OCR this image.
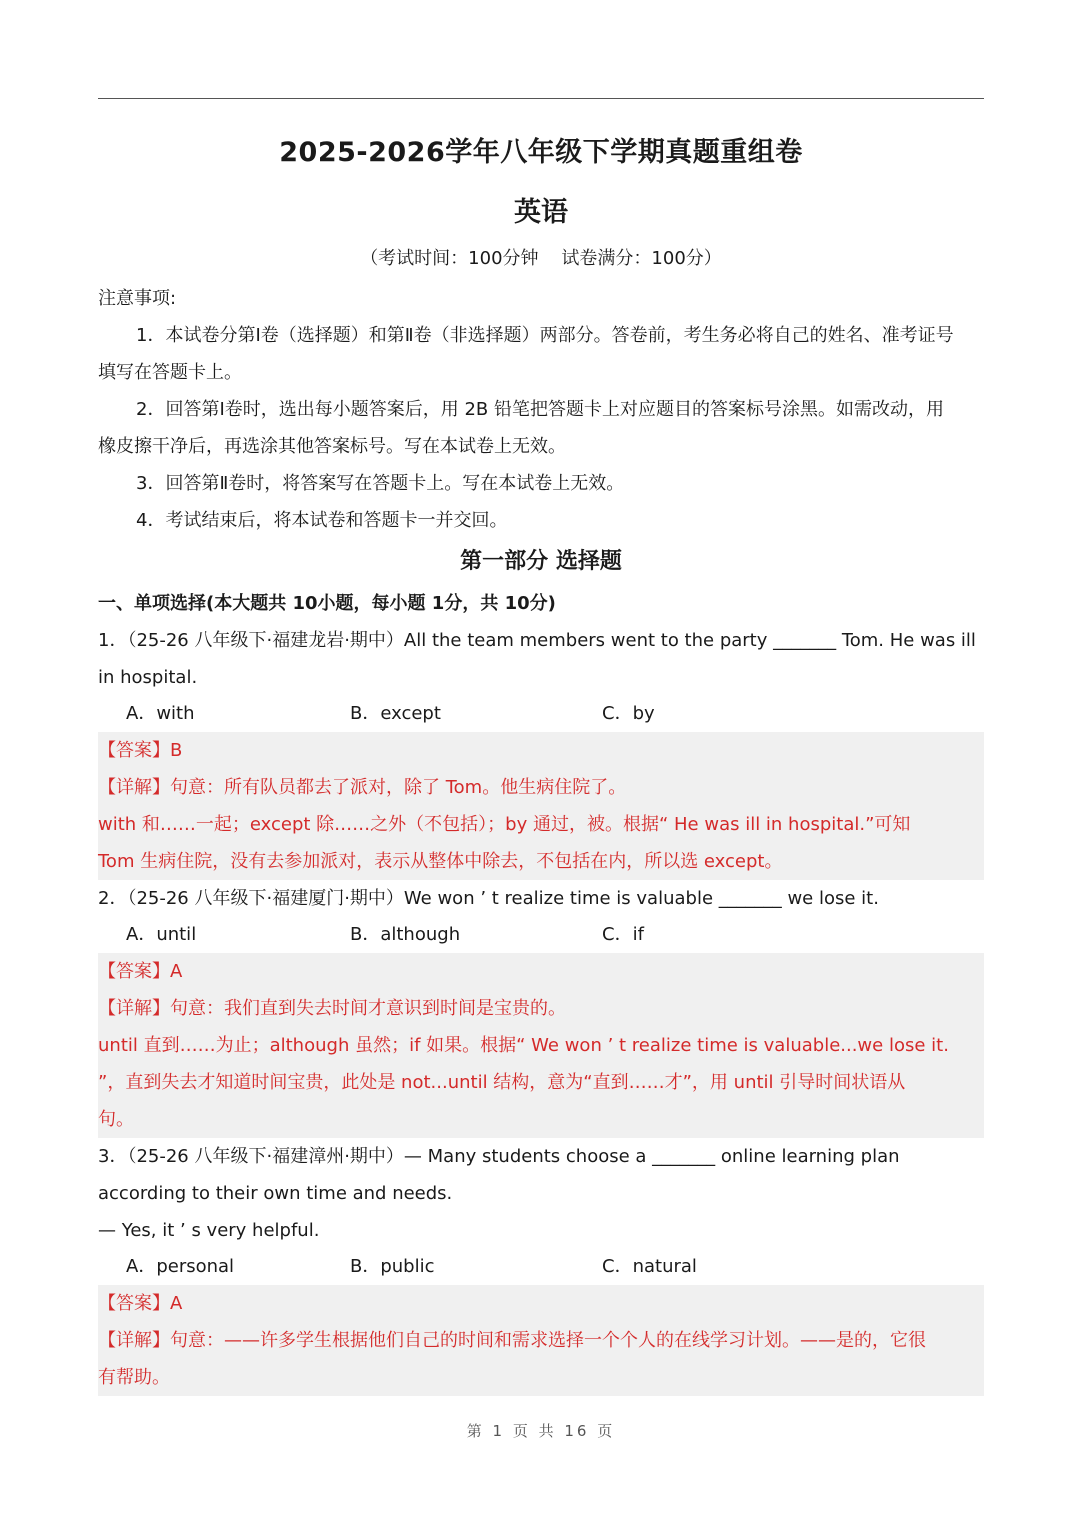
2025-2026学年八年级下学期真题重组卷
英语
（考试时间：100分钟    试卷满分：100分）

注意事项:

1．本试卷分第Ⅰ卷（选择题）和第Ⅱ卷（非选择题）两部分。答卷前，考生务必将自己的姓名、准考证号

填写在答题卡上。

2．回答第Ⅰ卷时，选出每小题答案后，用 2B 铅笔把答题卡上对应题目的答案标号涂黑。如需改动，用

橡皮擦干净后，再选涂其他答案标号。写在本试卷上无效。

3．回答第Ⅱ卷时，将答案写在答题卡上。写在本试卷上无效。

4．考试结束后，将本试卷和答题卡一并交回。

第一部分 选择题

一、单项选择(本大题共 10小题，每小题 1分，共 10分)

1．（25-26 八年级下·福建龙岩·期中）All the team members went to the party _______ Tom. He was ill

in hospital.

A．with	B．except	C．by

【答案】B

【详解】句意：所有队员都去了派对，除了 Tom。他生病住院了。

with 和……一起；except 除……之外（不包括）；by 通过，被。根据“ He was ill in hospital.”可知

Tom 生病住院，没有去参加派对，表示从整体中除去，不包括在内，所以选 except。

2．（25-26 八年级下·福建厦门·期中）We won ’ t realize time is valuable _______ we lose it.

A．until	B．although	C．if

【答案】A

【详解】句意：我们直到失去时间才意识到时间是宝贵的。

until 直到……为止；although 虽然；if 如果。根据“ We won ’ t realize time is valuable...we lose it.

”，直到失去才知道时间宝贵，此处是 not...until 结构，意为“直到……才”，用 until 引导时间状语从

句。

3．（25-26 八年级下·福建漳州·期中）— Many students choose a _______ online learning plan

according to their own time and needs.

— Yes, it ’ s very helpful.

A．personal	B．public	C．natural

【答案】A

【详解】句意：——许多学生根据他们自己的时间和需求选择一个个人的在线学习计划。——是的，它很

有帮助。

第 1 页 共 16 页
